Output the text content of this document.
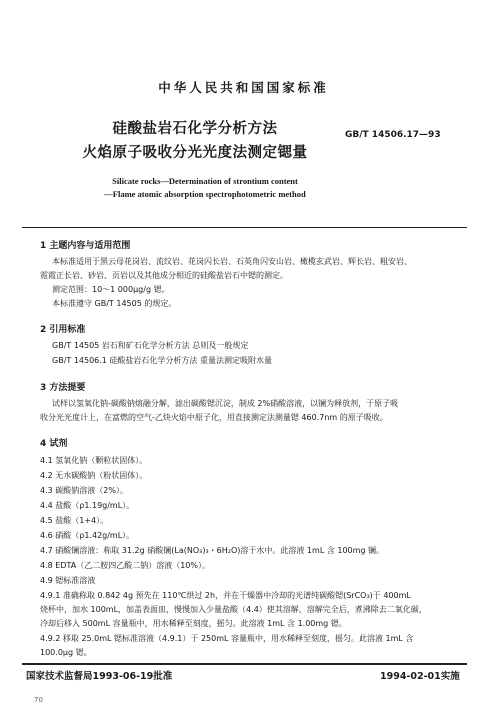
中华人民共和国国家标准
硅酸盐岩石化学分析方法
火焰原子吸收分光光度法测定锶量
GB/T 14506.17—93
Silicate rocks—Determination of strontium content
—Flame atomic absorption spectrophotometric method
1 主题内容与适用范围
本标准适用于黑云母花岗岩、流纹岩、花岗闪长岩、石英角闪安山岩、橄榄玄武岩、辉长岩、粗安岩、
霓霞正长岩、砂岩、页岩以及其他成分相近的硅酸盐岩石中锶的测定。
测定范围：10～1 000μg/g 锶。
本标准遵守 GB/T 14505 的规定。
2 引用标准
GB/T 14505 岩石和矿石化学分析方法 总则及一般规定
GB/T 14506.1 硅酸盐岩石化学分析方法 重量法测定吸附水量
3 方法提要
试样以氢氧化钠-碳酸钠熔融分解，滤出碳酸锶沉淀，制成 2%硝酸溶液，以镧为释放剂，于原子吸
收分光光度计上，在富燃的空气-乙炔火焰中原子化，用直接测定法测量锶 460.7nm 的原子吸收。
4 试剂
4.1 氢氧化钠（颗粒状固体）。
4.2 无水碳酸钠（粉状固体）。
4.3 碳酸钠溶液（2%）。
4.4 盐酸（ρ1.19g/mL）。
4.5 盐酸（1+4）。
4.6 硝酸（ρ1.42g/mL）。
4.7 硝酸镧溶液：称取 31.2g 硝酸镧(La(NO₃)₃・6H₂O)溶于水中。此溶液 1mL 含 100mg 镧。
4.8 EDTA（乙二胺四乙酸二钠）溶液（10%）。
4.9 锶标准溶液
4.9.1 准确称取 0.842 4g 预先在 110℃烘过 2h，并在干燥器中冷却的光谱纯碳酸锶(SrCO₃)于 400mL
烧杯中，加水 100mL，加盖表面皿，慢慢加入少量盐酸（4.4）使其溶解，溶解完全后，煮沸除去二氧化碳，
冷却后移入 500mL 容量瓶中，用水稀释至刻度，摇匀。此溶液 1mL 含 1.00mg 锶。
4.9.2 移取 25.0mL 锶标准溶液（4.9.1）于 250mL 容量瓶中，用水稀释至刻度，摇匀。此溶液 1mL 含
100.0μg 锶。
国家技术监督局1993-06-19批准	1994-02-01实施
70
